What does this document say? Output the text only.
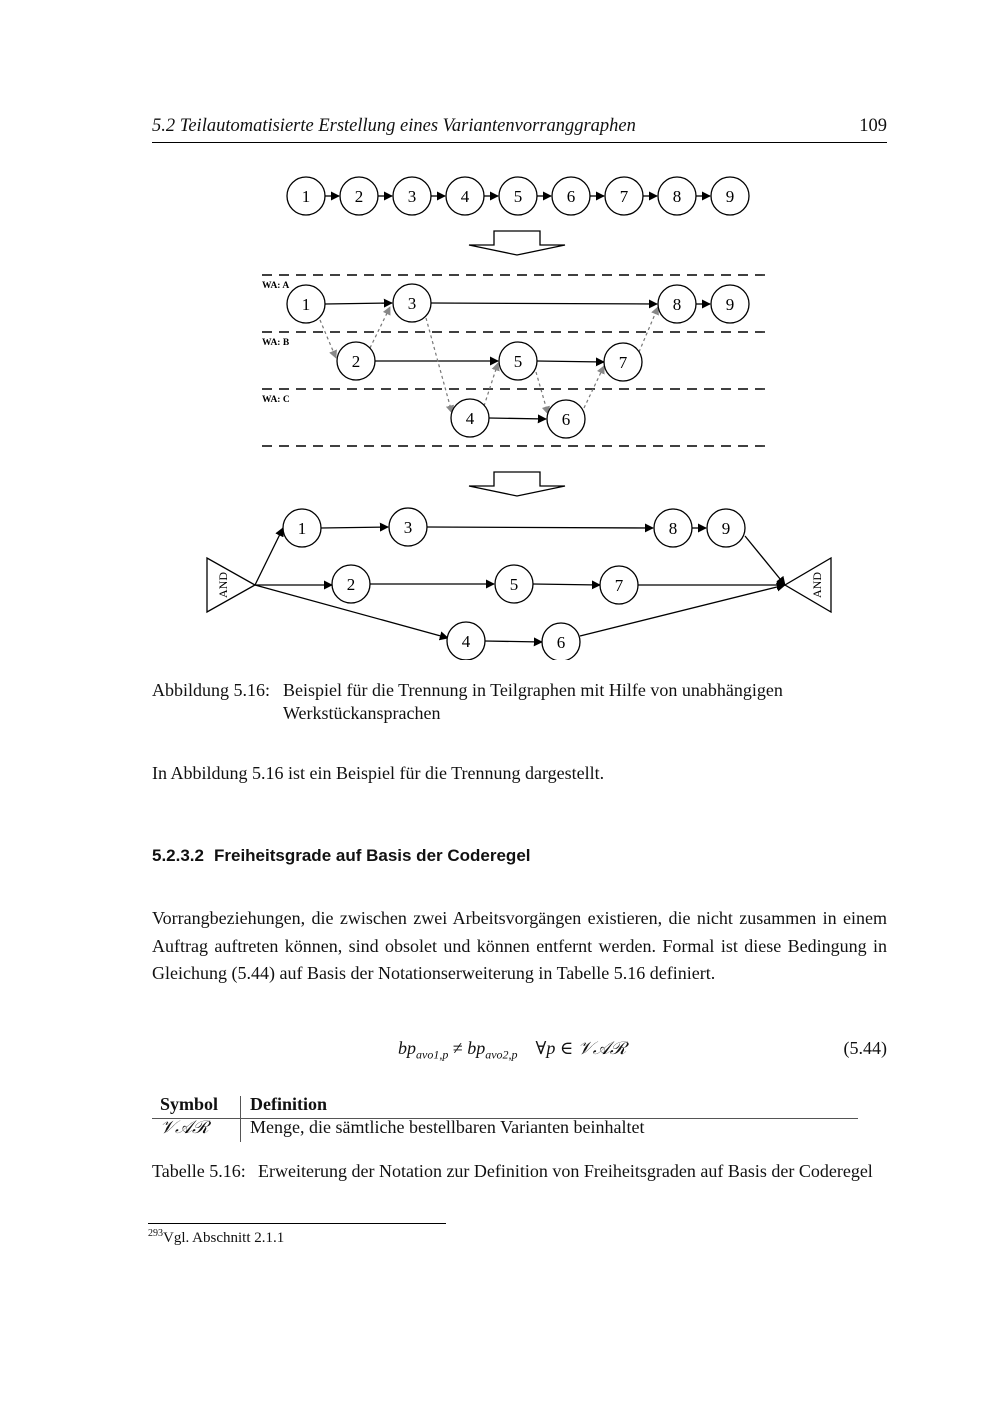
5.2 Teilautomatisierte Erstellung eines Variantenvorranggraphen	109
1	2	3	4	5	6	7	8	9
WA: A
WA: B
WA: C
1	3	8	9
2	5	7
4	6
AND	AND
1	3	8	9
2	5	7
4	6
Abbildung 5.16: Beispiel für die Trennung in Teilgraphen mit Hilfe von unabhängigen Werkstückansprachen
In Abbildung 5.16 ist ein Beispiel für die Trennung dargestellt.
5.2.3.2 Freiheitsgrade auf Basis der Coderegel
Vorrangbeziehungen, die zwischen zwei Arbeitsvorgängen existieren, die nicht zusammen in einem Auftrag auftreten können, sind obsolet und können entfernt werden. Formal ist diese Bedingung in Gleichung (5.44) auf Basis der Notationserweiterung in Tabelle 5.16 definiert.
$bp_{avo1,p} \ne bp_{avo2,p}$ ∀p ∈ 𝒱𝒜ℛ	(5.44)
Symbol Definition
𝒱𝒜ℛ Menge, die sämtliche bestellbaren Varianten beinhaltet
Tabelle 5.16: Erweiterung der Notation zur Definition von Freiheitsgraden auf Basis der Coderegel
$^{293}$Vgl. Abschnitt 2.1.1
